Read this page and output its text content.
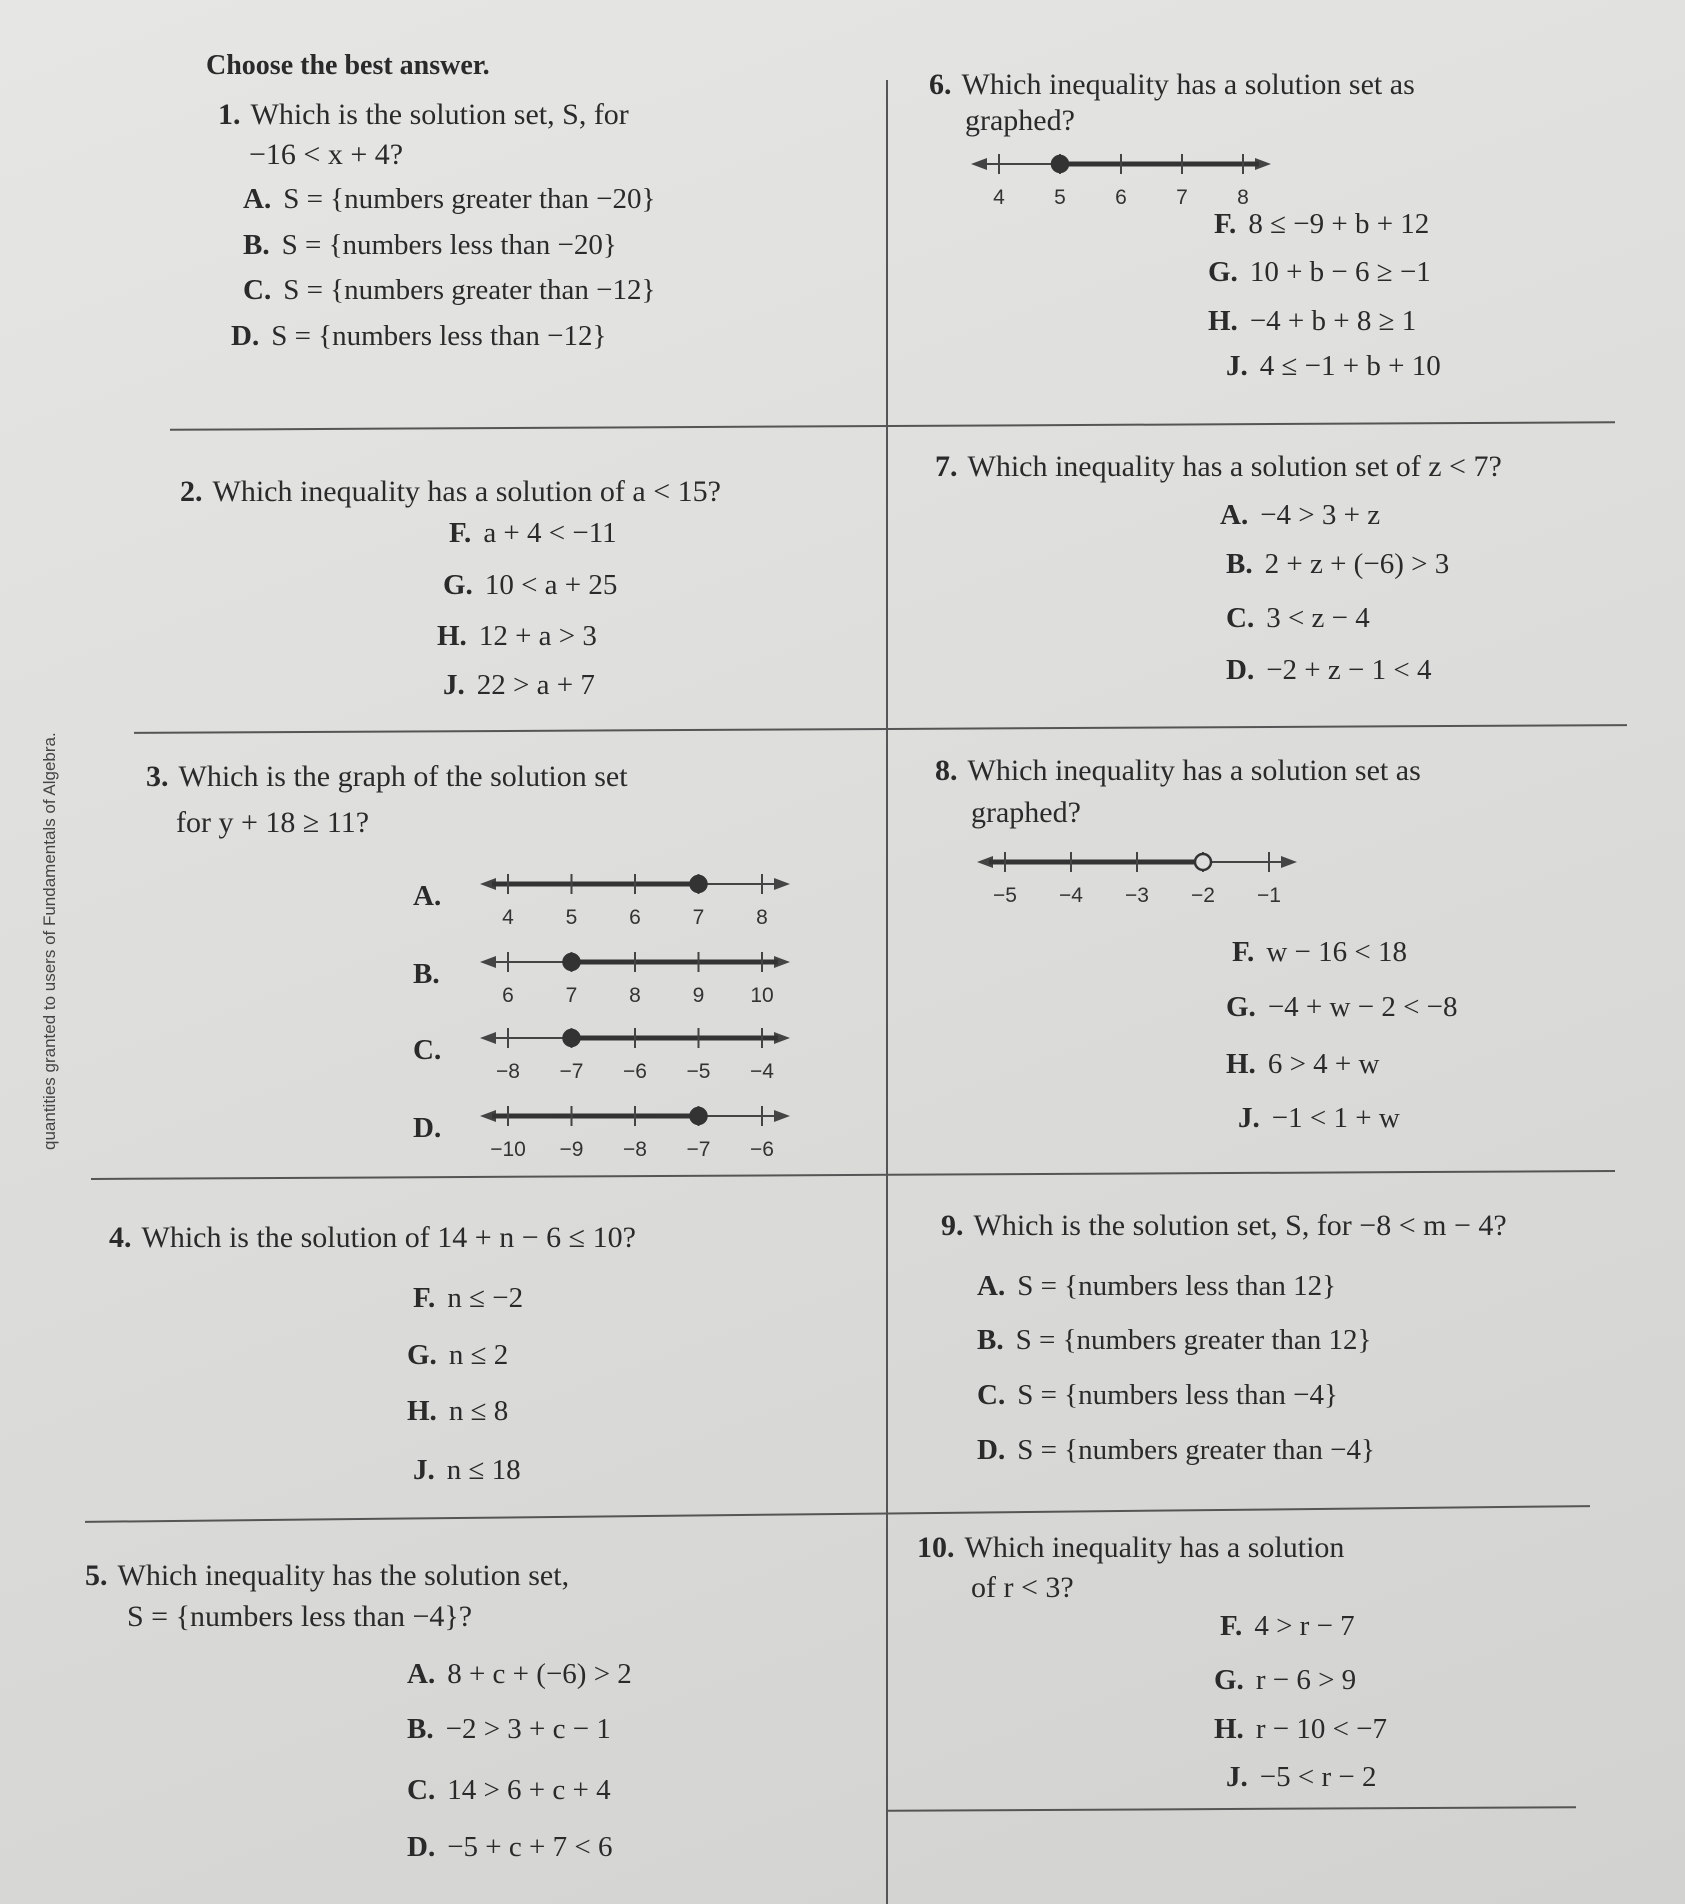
quantities granted to users of Fundamentals of Algebra.
Choose the best answer.
1. Which is the solution set, S, for
−16 < x + 4?
A. S = {numbers greater than −20}
B. S = {numbers less than −20}
C. S = {numbers greater than −12}
D. S = {numbers less than −12}
2. Which inequality has a solution of a < 15?
F. a + 4 < −11
G. 10 < a + 25
H. 12 + a > 3
J. 22 > a + 7
3. Which is the graph of the solution set
for y + 18 ≥ 11?
A.
4 5 6 7 8
B.
6 7 8 9 10
C.
−8 −7 −6 −5 −4
D.
−10 −9 −8 −7 −6
4. Which is the solution of 14 + n − 6 ≤ 10?
F. n ≤ −2
G. n ≤ 2
H. n ≤ 8
J. n ≤ 18
5. Which inequality has the solution set,
S = {numbers less than −4}?
A. 8 + c + (−6) > 2
B. −2 > 3 + c − 1
C. 14 > 6 + c + 4
D. −5 + c + 7 < 6
6. Which inequality has a solution set as
graphed?
4 5 6 7 8
F. 8 ≤ −9 + b + 12
G. 10 + b − 6 ≥ −1
H. −4 + b + 8 ≥ 1
J. 4 ≤ −1 + b + 10
7. Which inequality has a solution set of z < 7?
A. −4 > 3 + z
B. 2 + z + (−6) > 3
C. 3 < z − 4
D. −2 + z − 1 < 4
8. Which inequality has a solution set as
graphed?
−5 −4 −3 −2 −1
F. w − 16 < 18
G. −4 + w − 2 < −8
H. 6 > 4 + w
J. −1 < 1 + w
9. Which is the solution set, S, for −8 < m − 4?
A. S = {numbers less than 12}
B. S = {numbers greater than 12}
C. S = {numbers less than −4}
D. S = {numbers greater than −4}
10. Which inequality has a solution
of r < 3?
F. 4 > r − 7
G. r − 6 > 9
H. r − 10 < −7
J. −5 < r − 2
